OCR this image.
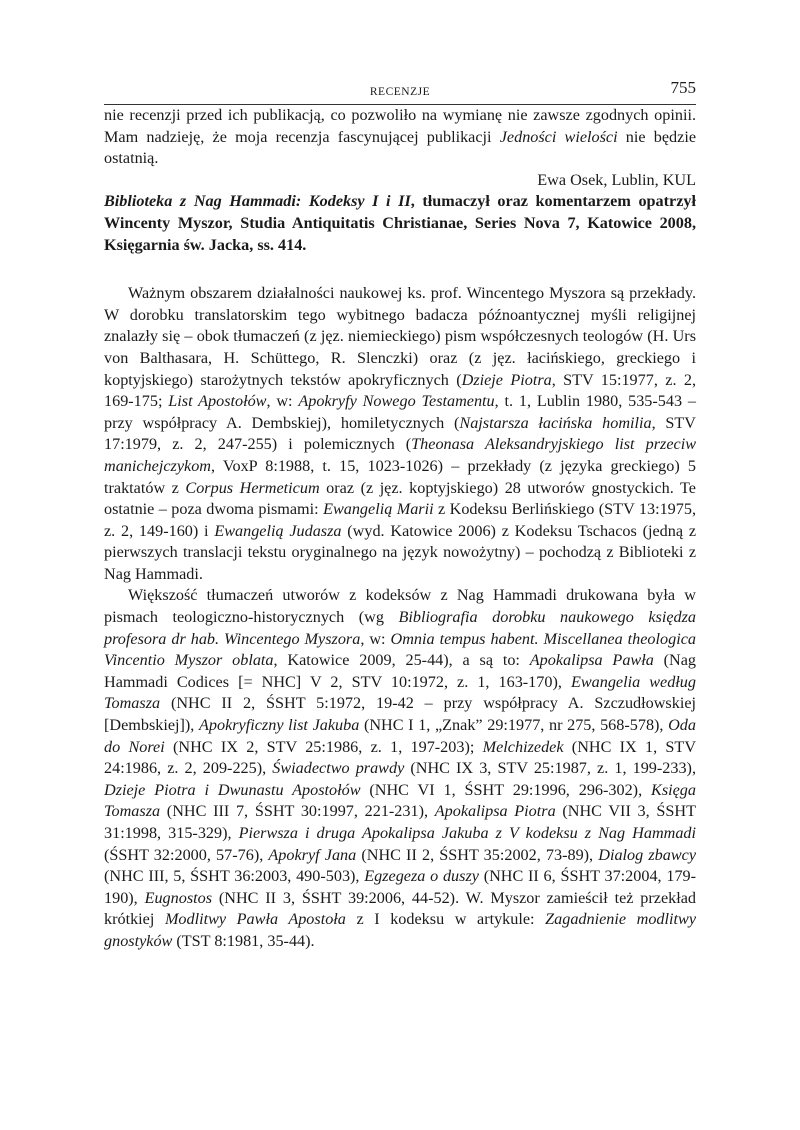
RECENZJE	755

nie recenzji przed ich publikacją, co pozwoliło na wymianę nie zawsze zgodnych opinii. Mam nadzieję, że moja recenzja fascynującej publikacji Jedności wielości nie będzie ostatnią.

Ewa Osek, Lublin, KUL

Biblioteka z Nag Hammadi: Kodeksy I i II, tłumaczył oraz komentarzem opatrzył Wincenty Myszor, Studia Antiquitatis Christianae, Series Nova 7, Katowice 2008, Księgarnia św. Jacka, ss. 414.

Ważnym obszarem działalności naukowej ks. prof. Wincentego Myszora są przekłady. W dorobku translatorskim tego wybitnego badacza późnoantycznej myśli religijnej znalazły się – obok tłumaczeń (z jęz. niemieckiego) pism współczesnych teologów (H. Urs von Balthasara, H. Schüttego, R. Slenczki) oraz (z jęz. łacińskiego, greckiego i koptyjskiego) starożytnych tekstów apokryficznych (Dzieje Piotra, STV 15:1977, z. 2, 169-175; List Apostołów, w: Apokryfy Nowego Testamentu, t. 1, Lublin 1980, 535-543 – przy współpracy A. Dembskiej), homiletycznych (Najstarsza łacińska homilia, STV 17:1979, z. 2, 247-255) i polemicznych (Theonasa Aleksandryjskiego list przeciw manichejczykom, VoxP 8:1988, t. 15, 1023-1026) – przekłady (z języka greckiego) 5 traktatów z Corpus Hermeticum oraz (z jęz. koptyjskiego) 28 utworów gnostyckich. Te ostatnie – poza dwoma pismami: Ewangelią Marii z Kodeksu Berlińskiego (STV 13:1975, z. 2, 149-160) i Ewangelią Judasza (wyd. Katowice 2006) z Kodeksu Tschacos (jedną z pierwszych translacji tekstu oryginalnego na język nowożytny) – pochodzą z Biblioteki z Nag Hammadi.

Większość tłumaczeń utworów z kodeksów z Nag Hammadi drukowana była w pismach teologiczno-historycznych (wg Bibliografia dorobku naukowego księdza profesora dr hab. Wincentego Myszora, w: Omnia tempus habent. Miscellanea theologica Vincentio Myszor oblata, Katowice 2009, 25-44), a są to: Apokalipsa Pawła (Nag Hammadi Codices [= NHC] V 2, STV 10:1972, z. 1, 163-170), Ewangelia według Tomasza (NHC II 2, ŚSHT 5:1972, 19-42 – przy współpracy A. Szczudłowskiej [Dembskiej]), Apokryficzny list Jakuba (NHC I 1, „Znak” 29:1977, nr 275, 568-578), Oda do Norei (NHC IX 2, STV 25:1986, z. 1, 197-203); Melchizedek (NHC IX 1, STV 24:1986, z. 2, 209-225), Świadectwo prawdy (NHC IX 3, STV 25:1987, z. 1, 199-233), Dzieje Piotra i Dwunastu Apostołów (NHC VI 1, ŚSHT 29:1996, 296-302), Księga Tomasza (NHC III 7, ŚSHT 30:1997, 221-231), Apokalipsa Piotra (NHC VII 3, ŚSHT 31:1998, 315-329), Pierwsza i druga Apokalipsa Jakuba z V kodeksu z Nag Hammadi (ŚSHT 32:2000, 57-76), Apokryf Jana (NHC II 2, ŚSHT 35:2002, 73-89), Dialog zbawcy (NHC III, 5, ŚSHT 36:2003, 490-503), Egzegeza o duszy (NHC II 6, ŚSHT 37:2004, 179-190), Eugnostos (NHC II 3, ŚSHT 39:2006, 44-52). W. Myszor zamieścił też przekład krótkiej Modlitwy Pawła Apostoła z I kodeksu w artykule: Zagadnienie modlitwy gnostyków (TST 8:1981, 35-44).
